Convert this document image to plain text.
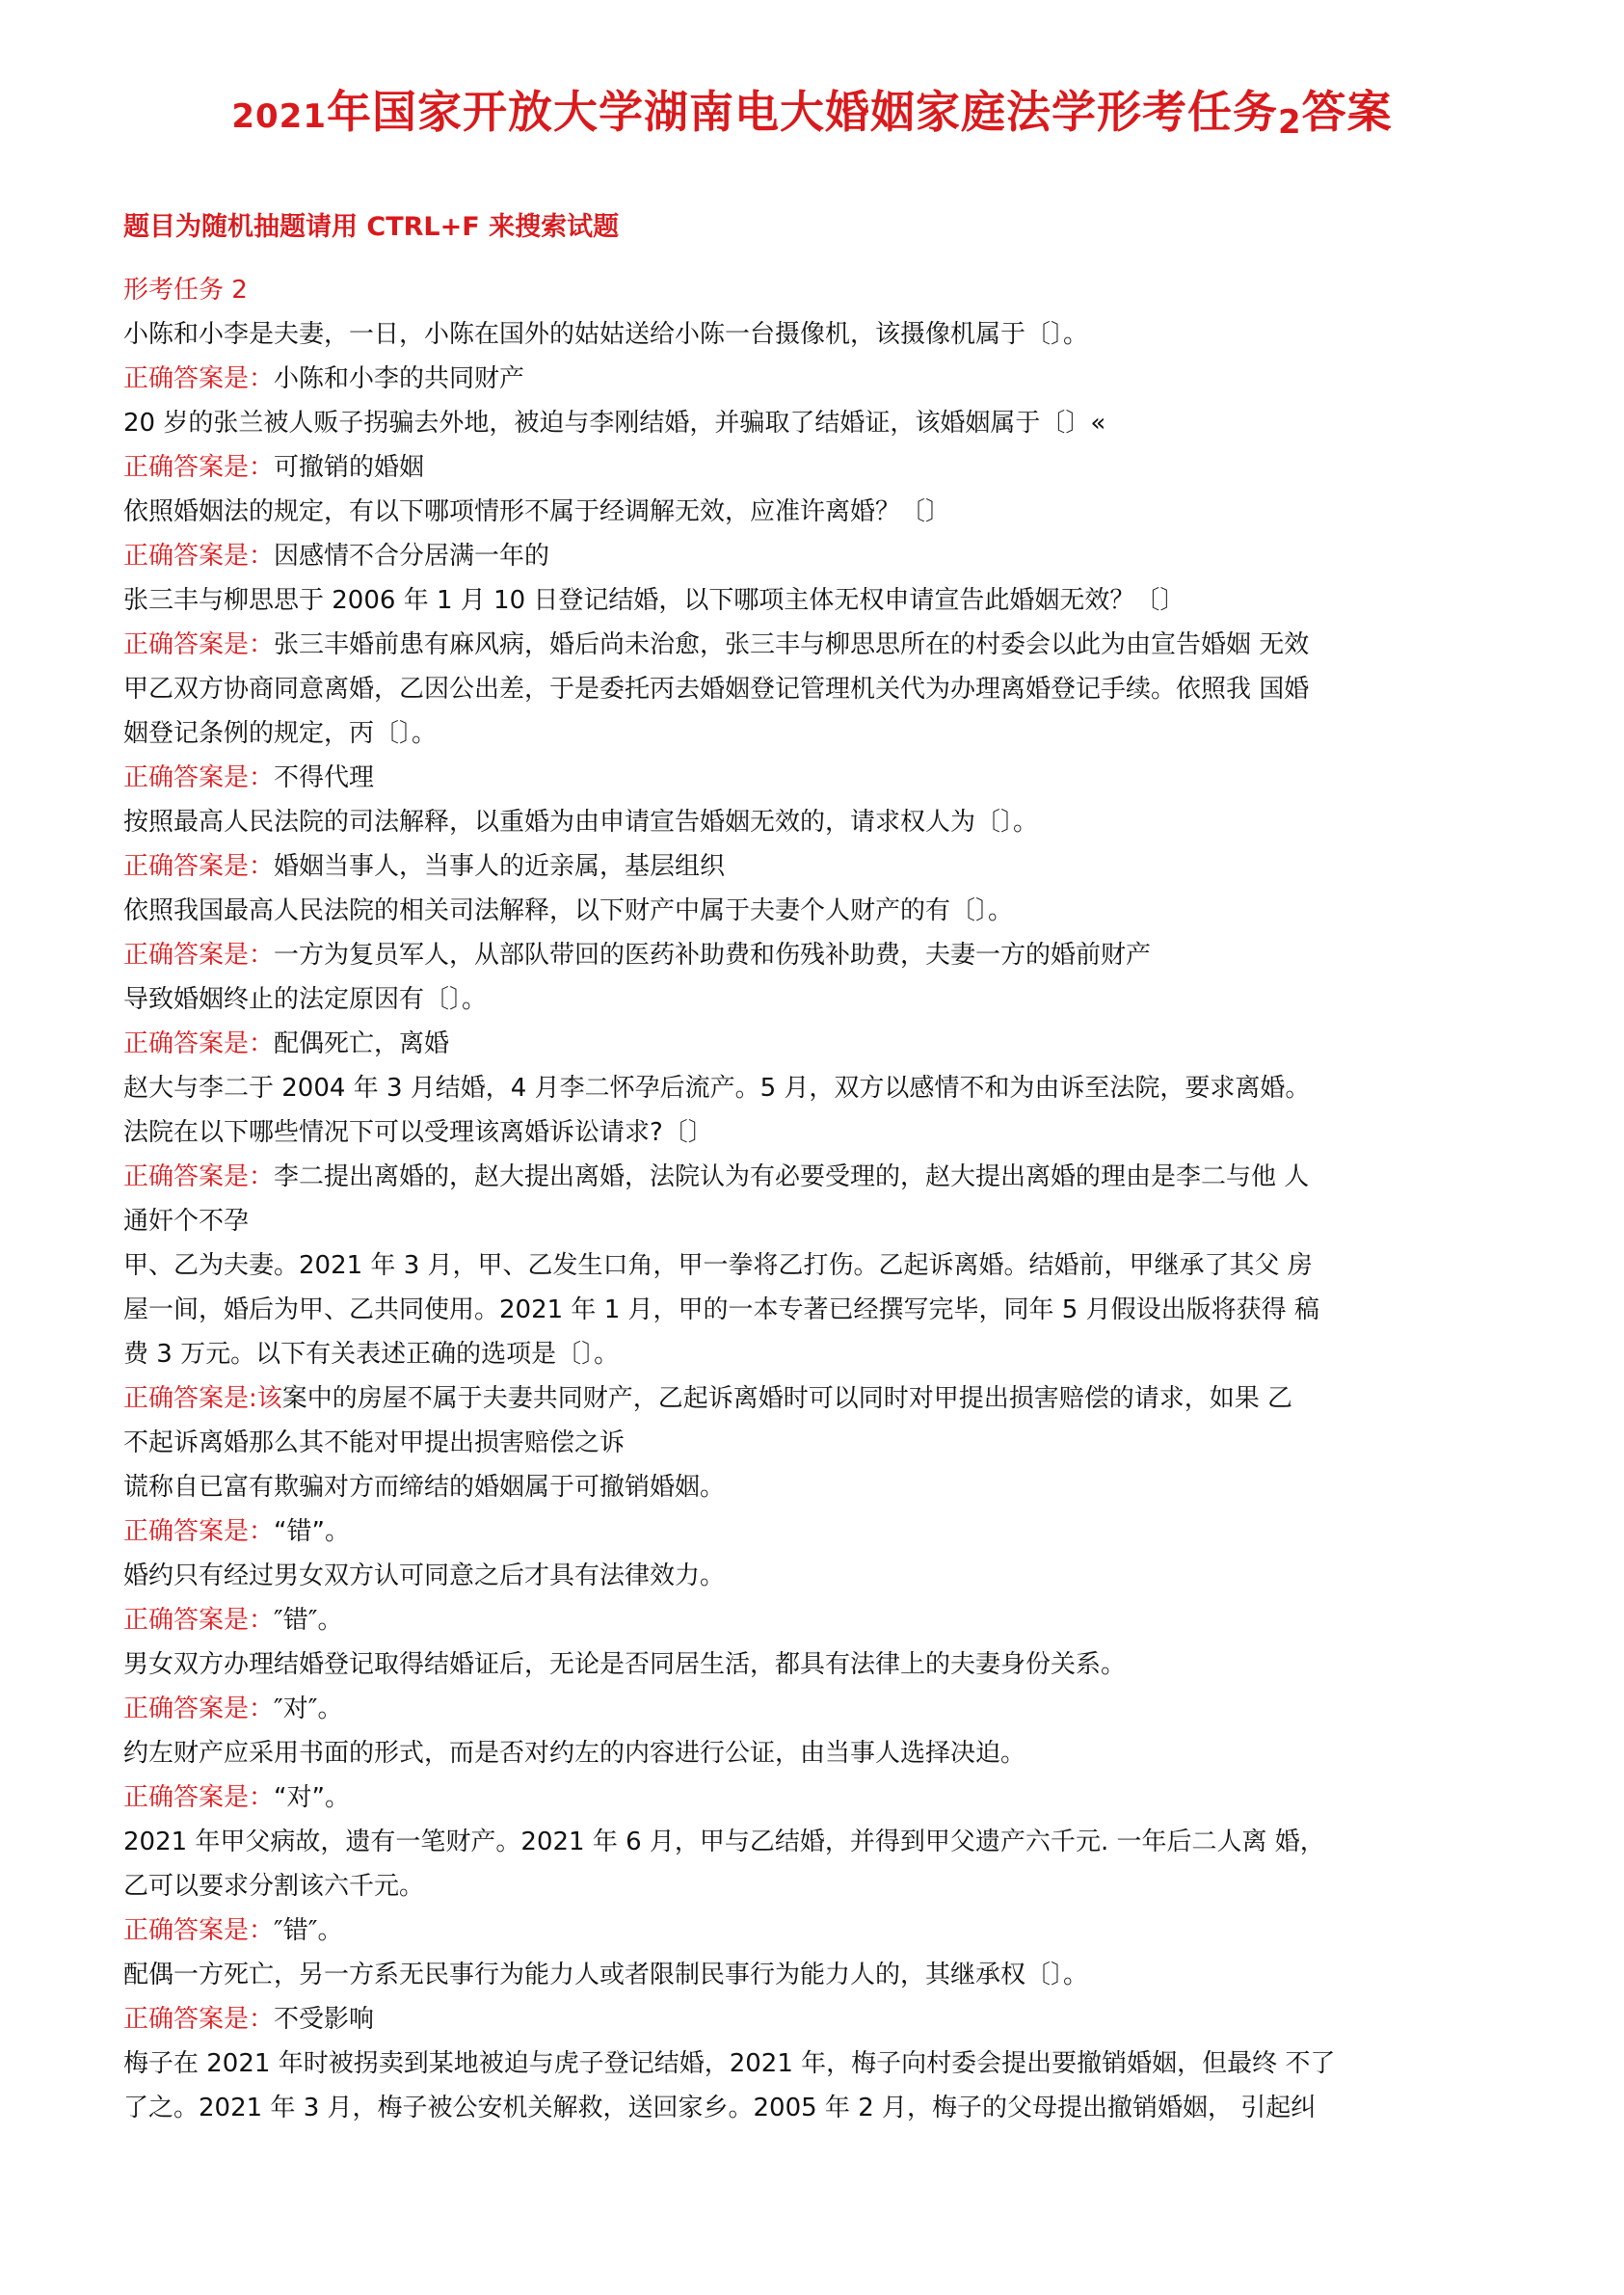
2021年国家开放大学湖南电大婚姻家庭法学形考任务2答案
题目为随机抽题请用 CTRL+F 来搜索试题
形考任务 2
小陈和小李是夫妻，一日，小陈在国外的姑姑送给小陈一台摄像机，该摄像机属于〔〕。
正确答案是：小陈和小李的共同财产
20 岁的张兰被人贩子拐骗去外地，被迫与李刚结婚，并骗取了结婚证，该婚姻属于〔〕«
正确答案是：可撤销的婚姻
依照婚姻法的规定，有以下哪项情形不属于经调解无效，应准许离婚？〔〕
正确答案是：因感情不合分居满一年的
张三丰与柳思思于 2006 年 1 月 10 日登记结婚，以下哪项主体无权申请宣告此婚姻无效？〔〕
正确答案是：张三丰婚前患有麻风病，婚后尚未治愈，张三丰与柳思思所在的村委会以此为由宣告婚姻 无效
甲乙双方协商同意离婚，乙因公出差，于是委托丙去婚姻登记管理机关代为办理离婚登记手续。依照我 国婚
姻登记条例的规定，丙〔〕。
正确答案是：不得代理
按照最高人民法院的司法解释，以重婚为由申请宣告婚姻无效的，请求权人为〔〕。
正确答案是：婚姻当事人，当事人的近亲属，基层组织
依照我国最高人民法院的相关司法解释，以下财产中属于夫妻个人财产的有〔〕。
正确答案是：一方为复员军人，从部队带回的医药补助费和伤残补助费，夫妻一方的婚前财产
导致婚姻终止的法定原因有〔〕。
正确答案是：配偶死亡，离婚
赵大与李二于 2004 年 3 月结婚，4 月李二怀孕后流产。5 月，双方以感情不和为由诉至法院，要求离婚。
法院在以下哪些情况下可以受理该离婚诉讼请求?〔〕
正确答案是：李二提出离婚的，赵大提出离婚，法院认为有必要受理的，赵大提出离婚的理由是李二与他 人
通奸个不孕
甲、乙为夫妻。2021 年 3 月，甲、乙发生口角，甲一拳将乙打伤。乙起诉离婚。结婚前，甲继承了其父 房
屋一间，婚后为甲、乙共同使用。2021 年 1 月，甲的一本专著已经撰写完毕，同年 5 月假设出版将获得 稿
费 3 万元。以下有关表述正确的选项是〔〕。
正确答案是:该案中的房屋不属于夫妻共同财产，乙起诉离婚时可以同时对甲提出损害赔偿的请求，如果 乙
不起诉离婚那么其不能对甲提出损害赔偿之诉
谎称自已富有欺骗对方而缔结的婚姻属于可撤销婚姻。
正确答案是：“错”。
婚约只有经过男女双方认可同意之后才具有法律效力。
正确答案是：″错″。
男女双方办理结婚登记取得结婚证后，无论是否同居生活，都具有法律上的夫妻身份关系。
正确答案是：″对″。
约左财产应采用书面的形式，而是否对约左的内容进行公证，由当事人选择决迫。
正确答案是：“对”。
2021 年甲父病故，遗有一笔财产。2021 年 6 月，甲与乙结婚，并得到甲父遗产六千元. 一年后二人离 婚，
乙可以要求分割该六千元。
正确答案是：″错″。
配偶一方死亡，另一方系无民事行为能力人或者限制民事行为能力人的，其继承权〔〕。
正确答案是：不受影响
梅子在 2021 年时被拐卖到某地被迫与虎子登记结婚，2021 年，梅子向村委会提出要撤销婚姻，但最终 不了
了之。2021 年 3 月，梅子被公安机关解救，送回家乡。2005 年 2 月，梅子的父母提出撤销婚姻， 引起纠
